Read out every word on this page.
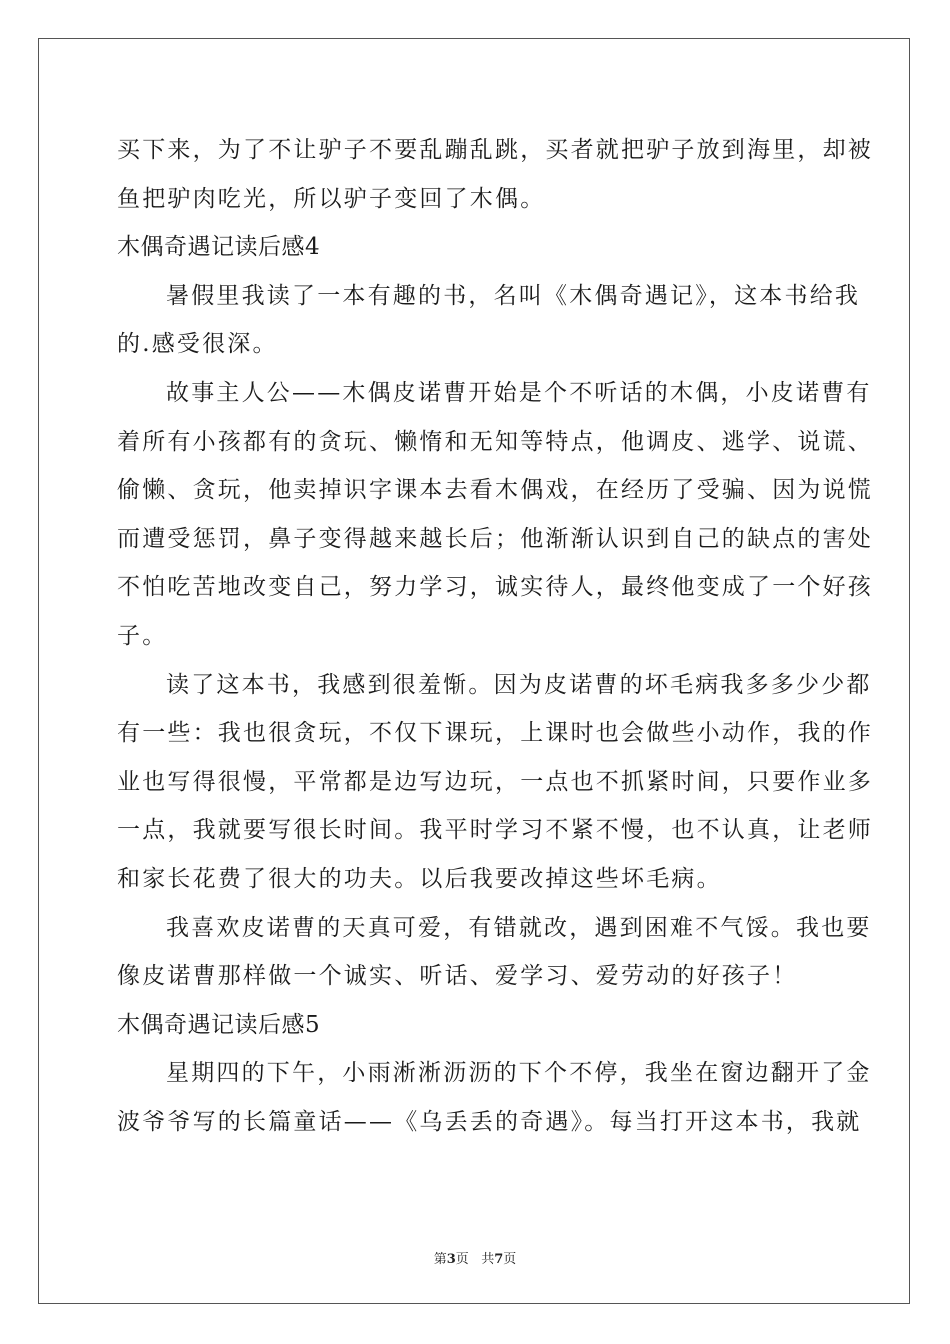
买下来，为了不让驴子不要乱蹦乱跳，买者就把驴子放到海里，却被
鱼把驴肉吃光，所以驴子变回了木偶。
木偶奇遇记读后感4
暑假里我读了一本有趣的书，名叫《木偶奇遇记》，这本书给我
的.感受很深。
故事主人公——木偶皮诺曹开始是个不听话的木偶，小皮诺曹有
着所有小孩都有的贪玩、懒惰和无知等特点，他调皮、逃学、说谎、
偷懒、贪玩，他卖掉识字课本去看木偶戏，在经历了受骗、因为说慌
而遭受惩罚，鼻子变得越来越长后；他渐渐认识到自己的缺点的害处
不怕吃苦地改变自己，努力学习，诚实待人，最终他变成了一个好孩
子。
读了这本书，我感到很羞惭。因为皮诺曹的坏毛病我多多少少都
有一些：我也很贪玩，不仅下课玩，上课时也会做些小动作，我的作
业也写得很慢，平常都是边写边玩，一点也不抓紧时间，只要作业多
一点，我就要写很长时间。我平时学习不紧不慢，也不认真，让老师
和家长花费了很大的功夫。以后我要改掉这些坏毛病。
我喜欢皮诺曹的天真可爱，有错就改，遇到困难不气馁。我也要
像皮诺曹那样做一个诚实、听话、爱学习、爱劳动的好孩子！
木偶奇遇记读后感5
星期四的下午，小雨淅淅沥沥的下个不停，我坐在窗边翻开了金
波爷爷写的长篇童话——《乌丢丢的奇遇》。每当打开这本书，我就
第3页 共7页
